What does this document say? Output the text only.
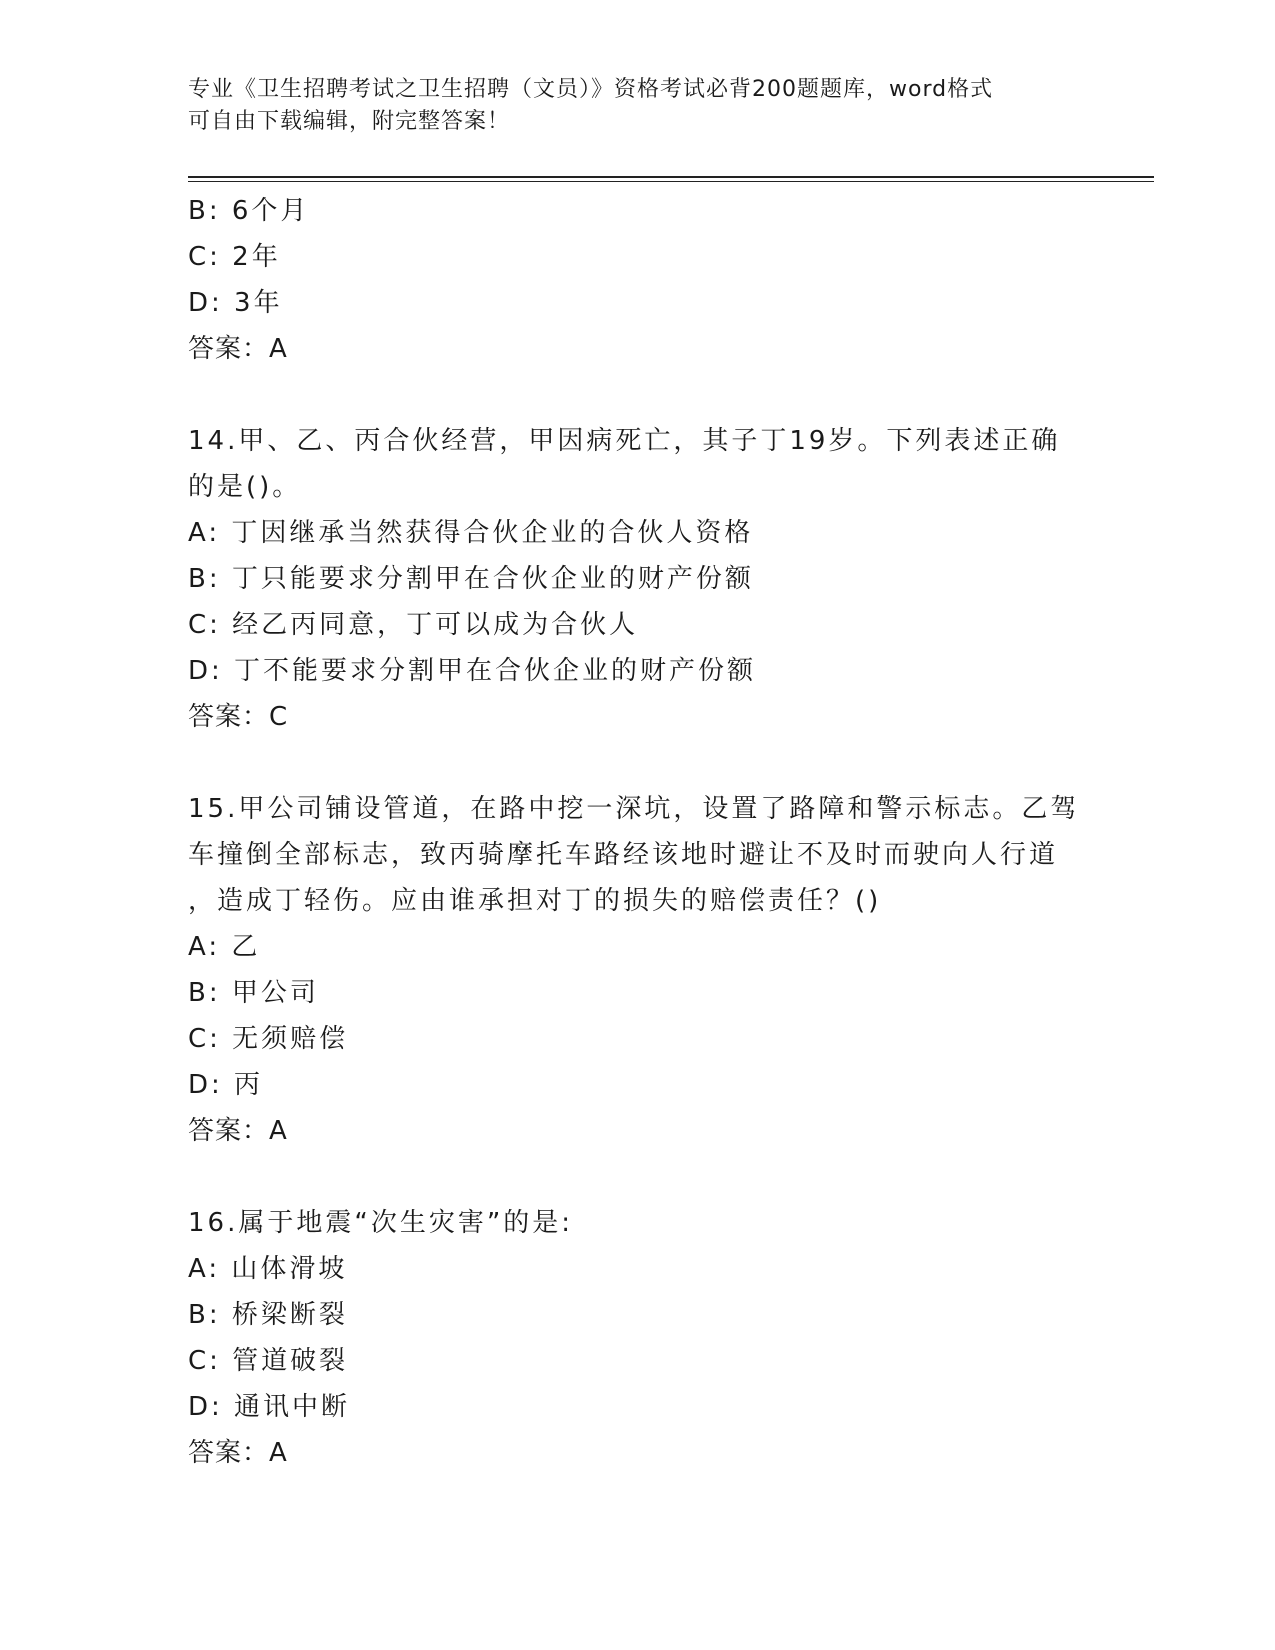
专业《卫生招聘考试之卫生招聘（文员）》资格考试必背200题题库，word格式
可自由下载编辑，附完整答案！
B: 6个月
C: 2年
D: 3年
答案：A
14.甲、乙、丙合伙经营，甲因病死亡，其子丁19岁。下列表述正确
的是()。
A: 丁因继承当然获得合伙企业的合伙人资格
B: 丁只能要求分割甲在合伙企业的财产份额
C: 经乙丙同意，丁可以成为合伙人
D: 丁不能要求分割甲在合伙企业的财产份额
答案：C
15.甲公司铺设管道，在路中挖一深坑，设置了路障和警示标志。乙驾
车撞倒全部标志，致丙骑摩托车路经该地时避让不及时而驶向人行道
，造成丁轻伤。应由谁承担对丁的损失的赔偿责任？()
A: 乙
B: 甲公司
C: 无须赔偿
D: 丙
答案：A
16.属于地震“次生灾害”的是:
A: 山体滑坡
B: 桥梁断裂
C: 管道破裂
D: 通讯中断
答案：A
